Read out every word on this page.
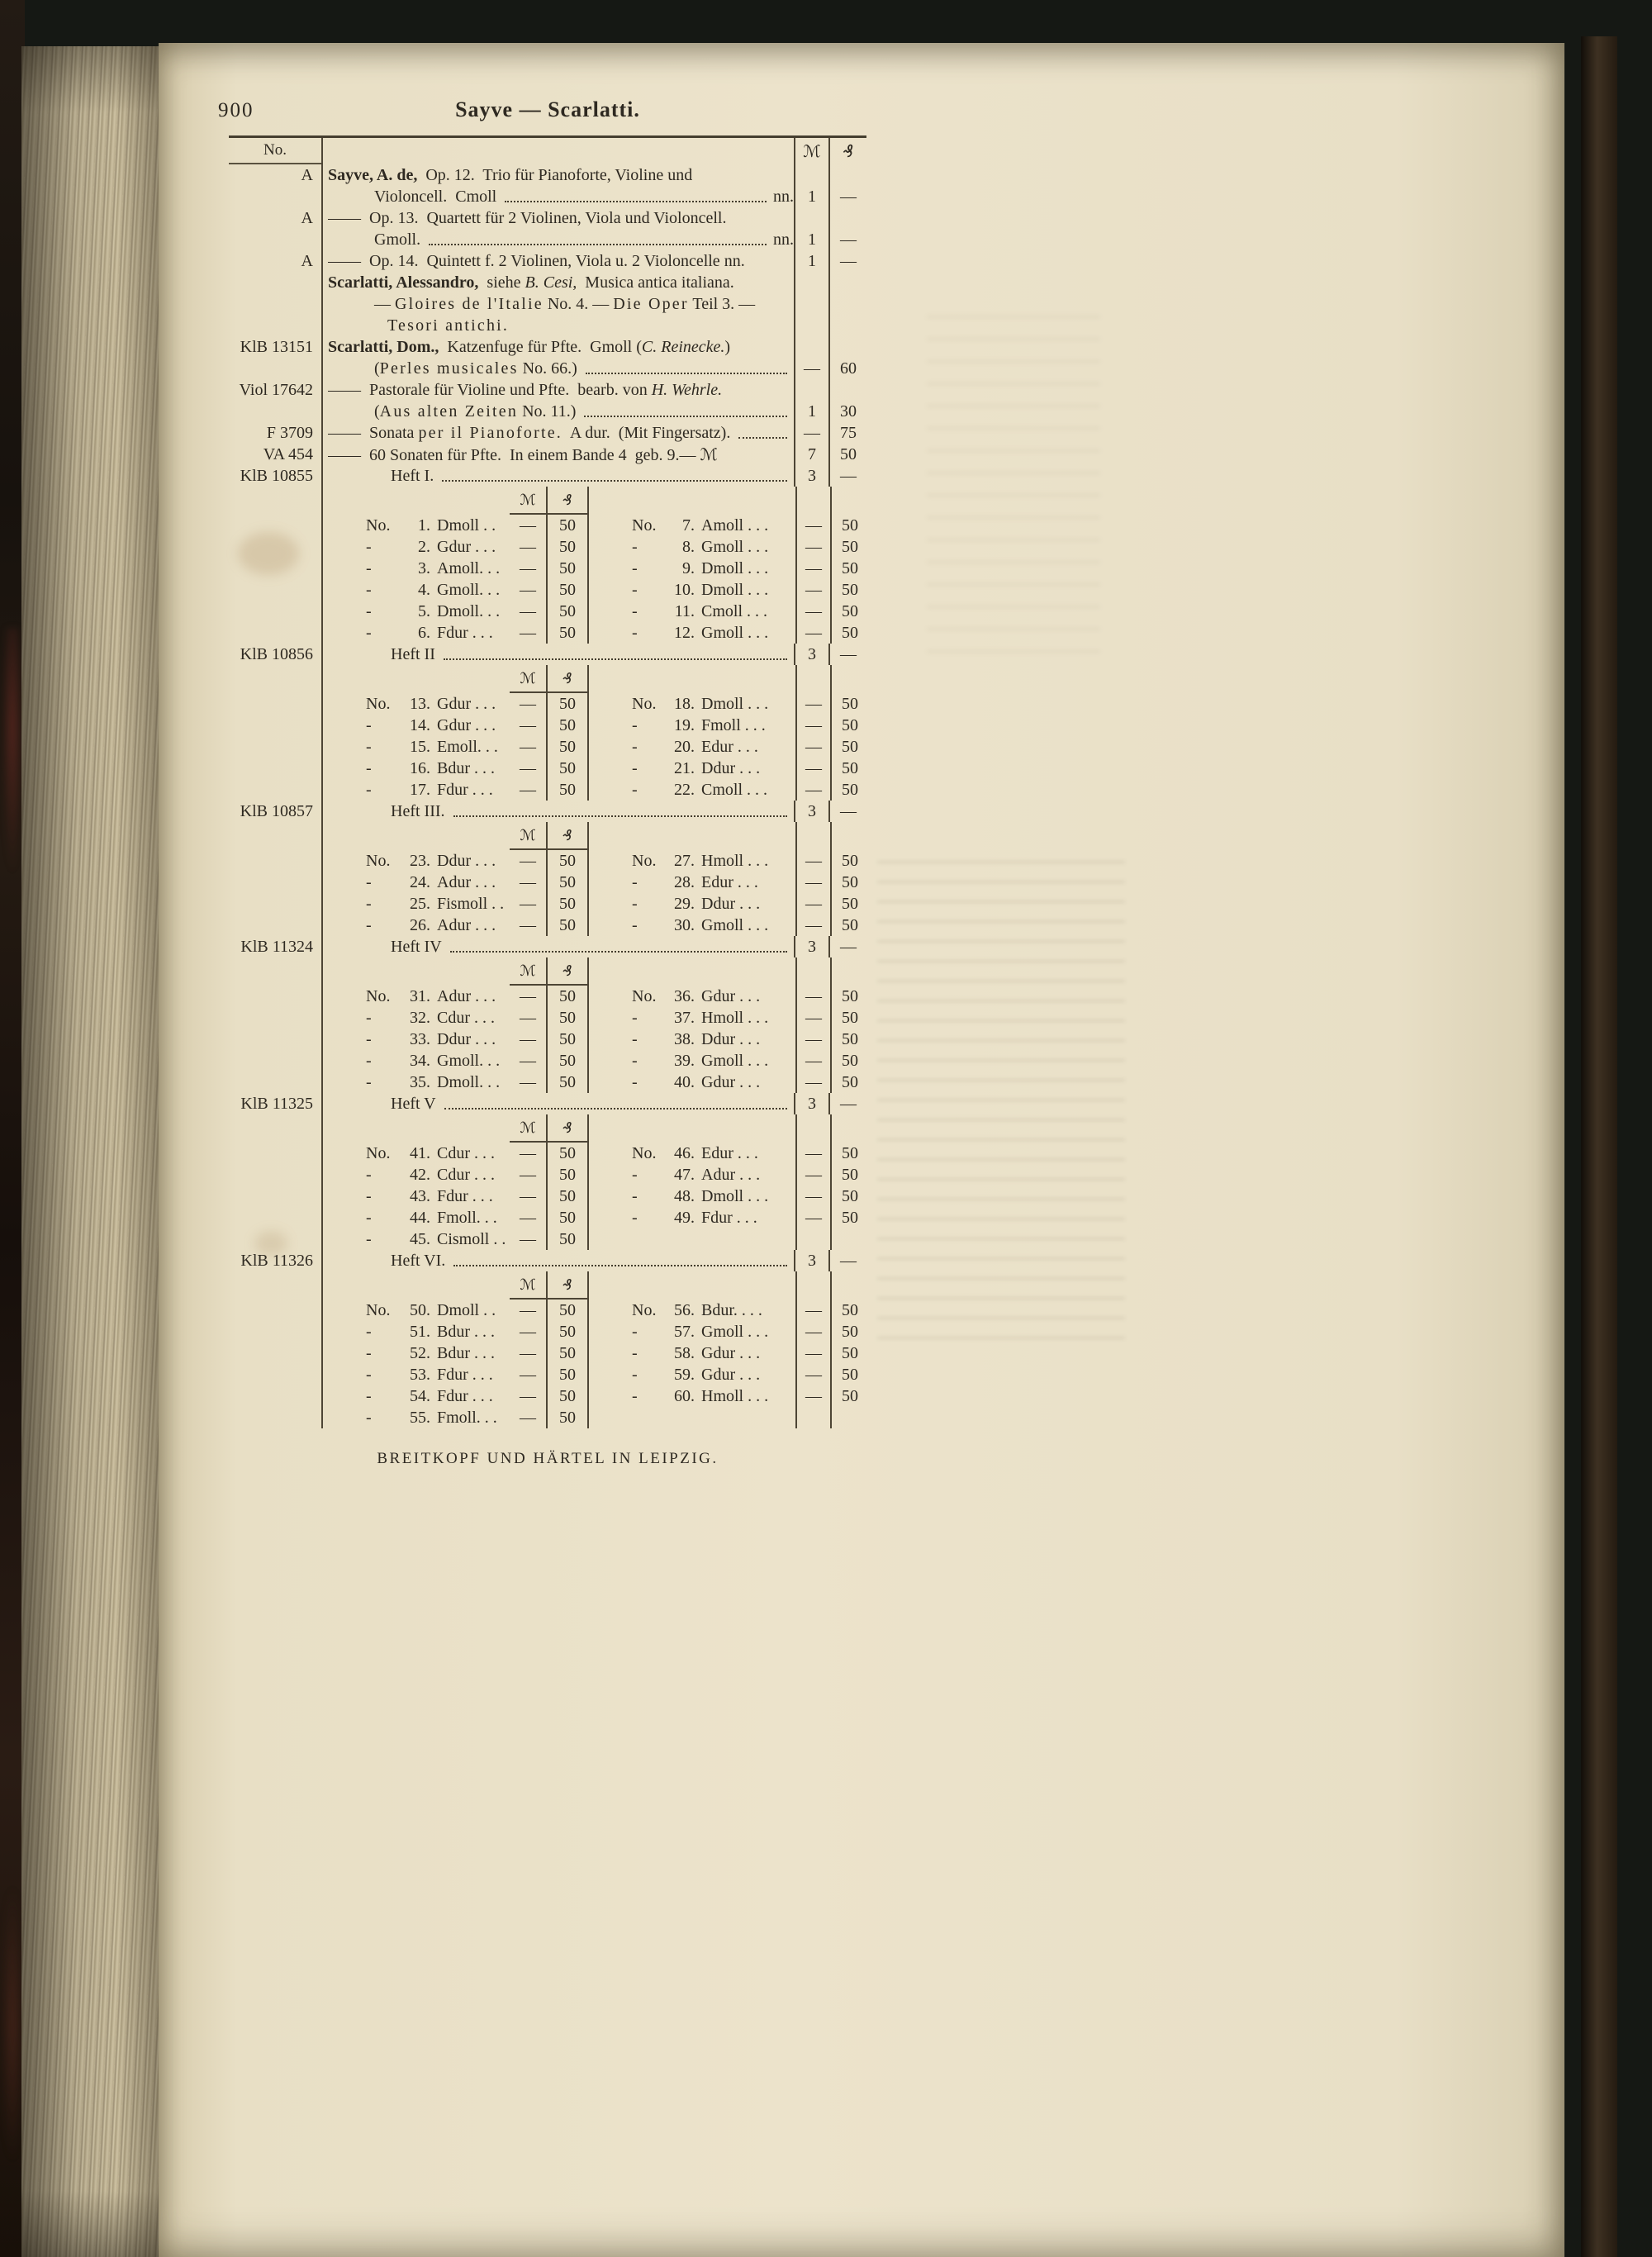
900	Sayve — Scarlatti.
No.	ℳ	₰
A Sayve, A. de, Op. 12.  Trio für Pianoforte, Violine und
Violoncell.  Cmoll	nn. 1	—
A ——  Op. 13.  Quartett für 2 Violinen, Viola und Violoncell.
Gmoll.	nn. 1	—
A ——  Op. 14.  Quintett f. 2 Violinen, Viola u. 2 Violoncelle nn.	1	—
Scarlatti, Alessandro, siehe B. Cesi, Musica antica italiana.
— Gloires de l'Italie No. 4. — Die Oper Teil 3. —
Tesori antichi.
KlB 13151 Scarlatti, Dom., Katzenfuge für Pfte.  Gmoll ( C. Reinecke. )
( Perles musicales No. 66.)	—	60
Viol 17642 ——  Pastorale für Violine und Pfte.  bearb. von H. Wehrle.
( Aus alten Zeiten No. 11.)	1	30
F 3709 ——  Sonata per il Pianoforte. A dur.  (Mit Fingersatz).	—	75
VA 454 ——  60 Sonaten für Pfte.  In einem Bande 4  geb. 9.— ℳ	7	50
KlB 10855	Heft I.	3	—
ℳ	₰
No.	1. Dmoll . .	—	50	No.	7. Amoll . . .	—	50
-	2. Gdur . . .	—	50	-	8. Gmoll . . .	—	50
-	3. Amoll. . .	—	50	-	9. Dmoll . . .	—	50
-	4. Gmoll. . .	—	50	-	10. Dmoll . . .	—	50
-	5. Dmoll. . .	—	50	-	11. Cmoll . . .	—	50
-	6. Fdur . . .	—	50	-	12. Gmoll . . .	—	50
KlB 10856	Heft II	3	—
ℳ	₰
No.	13. Gdur . . .	—	50	No.	18. Dmoll . . .	—	50
-	14. Gdur . . .	—	50	-	19. Fmoll . . .	—	50
-	15. Emoll. . .	—	50	-	20. Edur . . .	—	50
-	16. Bdur . . .	—	50	-	21. Ddur . . .	—	50
-	17. Fdur . . .	—	50	-	22. Cmoll . . .	—	50
KlB 10857	Heft III.	3	—
ℳ	₰
No.	23. Ddur . . .	—	50	No.	27. Hmoll . . .	—	50
-	24. Adur . . .	—	50	-	28. Edur . . .	—	50
-	25. Fismoll . . —	50	-	29. Ddur . . .	—	50
-	26. Adur . . .	—	50	-	30. Gmoll . . .	—	50
KlB 11324	Heft IV	3	—
ℳ	₰
No.	31. Adur . . .	—	50	No.	36. Gdur . . .	—	50
-	32. Cdur . . .	—	50	-	37. Hmoll . . .	—	50
-	33. Ddur . . .	—	50	-	38. Ddur . . .	—	50
-	34. Gmoll. . .	—	50	-	39. Gmoll . . .	—	50
-	35. Dmoll. . .	—	50	-	40. Gdur . . .	—	50
KlB 11325	Heft V	3	—
ℳ	₰
No.	41. Cdur . . .	—	50	No.	46. Edur . . .	—	50
-	42. Cdur . . .	—	50	-	47. Adur . . .	—	50
-	43. Fdur . . .	—	50	-	48. Dmoll . . .	—	50
-	44. Fmoll. . .	—	50	-	49. Fdur . . .	—	50
-	45. Cismoll . . —	50
KlB 11326	Heft VI.	3	—
ℳ	₰
No.	50. Dmoll . .	—	50	No.	56. Bdur. . . .	—	50
-	51. Bdur . . .	—	50	-	57. Gmoll . . .	—	50
-	52. Bdur . . .	—	50	-	58. Gdur . . .	—	50
-	53. Fdur . . .	—	50	-	59. Gdur . . .	—	50
-	54. Fdur . . .	—	50	-	60. Hmoll . . .	—	50
-	55. Fmoll. . .	—	50
BREITKOPF UND HÄRTEL IN LEIPZIG.
